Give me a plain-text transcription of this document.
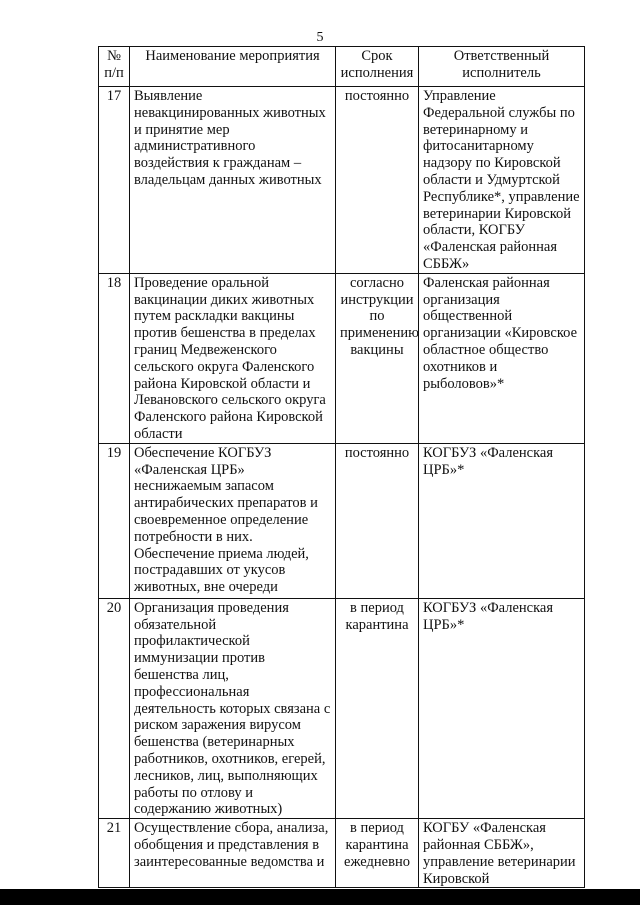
5
№ п/п	Наименование мероприятия	Срок исполнения	Ответственный исполнитель
17	Выявление невакцинированных животных и принятие мер административного воздействия к гражданам – владельцам данных животных	постоянно	Управление Федеральной службы по ветеринарному и фитосанитарному надзору по Кировской области и Удмуртской Республике*, управление ветеринарии Кировской области, КОГБУ «Фаленская районная СББЖ»
18	Проведение оральной вакцинации диких животных путем раскладки вакцины против бешенства в пределах границ Медвеженского сельского округа Фаленского района Кировской области и Левановского сельского округа Фаленского района Кировской области	согласно инструкции по применению вакцины	Фаленская районная организация общественной организации «Кировское областное общество охотников и рыболовов»*
19	Обеспечение КОГБУЗ «Фаленская ЦРБ» неснижаемым запасом антирабических препаратов и своевременное определение потребности в них. Обеспечение приема людей, пострадавших от укусов животных, вне очереди	постоянно	КОГБУЗ «Фаленская ЦРБ»*
20	Организация проведения обязательной профилактической иммунизации против бешенства лиц, профессиональная деятельность которых связана с риском заражения вирусом бешенства (ветеринарных работников, охотников, егерей, лесников, лиц, выполняющих работы по отлову и содержанию животных)	в период карантина	КОГБУЗ «Фаленская ЦРБ»*
21	Осуществление сбора, анализа, обобщения и представления в заинтересованные ведомства и	в период карантина ежедневно	КОГБУ «Фаленская районная СББЖ», управление ветеринарии Кировской
